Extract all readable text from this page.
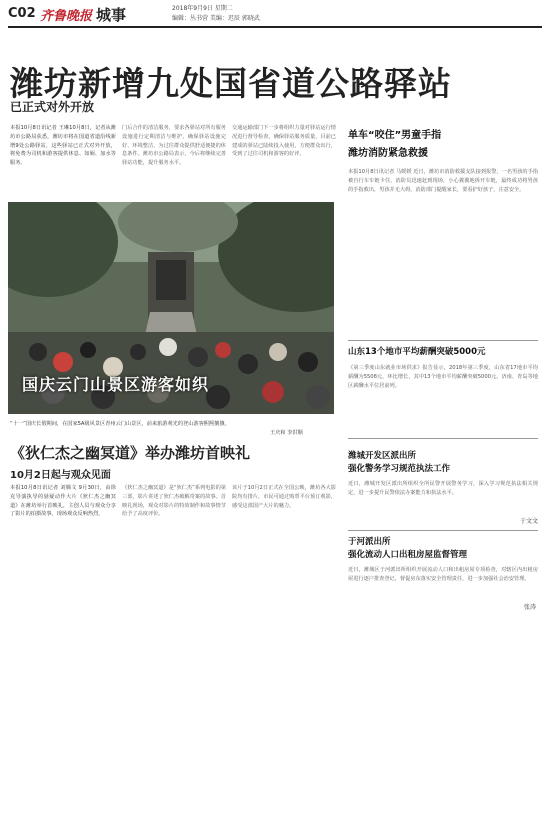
C02 齐鲁晚报 城事	2018年9月9日 星期二
编辑：丛书营 美编：迟辰 郭晓武
潍坊新增九处国省道公路驿站
已正式对外开放
本报10月8日讯记者 王琳10月8日，记者从潍坊市公路局获悉，潍坊市将在国道省道沿线新增9处公路驿站，这些驿站已正式对外开放，将免费为司机和游客提供休息、如厕、加水等服务。
门后合作的清洁服务，要求各驿站对所有服务设施进行定期清洁与维护，确保驿站设施完好、环境整洁，为过往群众提供舒适便捷的休息条件。潍坊市公路局表示，今后将继续完善驿站功能，提升服务水平。
交通运输部门下一步将组织力量对驿站运行情况进行督导检查，确保驿站服务质量，目前已建成的驿站已陆续投入使用，方便群众出行，受到了过往司机和游客的好评。
国庆云门山景区游客如织
“十一”国庆长假期间，在国家5A级风景区青州云门山景区，前来旅游观光的登山游客熙熙攘攘。
王庆和 李洪顺
《狄仁杰之幽冥道》举办潍坊首映礼
10月2日起与观众见面
本报10月8日讯记者 刘腾文 9月30日，由徐克导演执导的悬疑动作大片《狄仁杰之幽冥道》在潍坊举行首映礼，主创人员与观众分享了影片的拍摄故事，现场观众反响热烈。
《狄仁杰之幽冥道》是“狄仁杰”系列电影的第三部，影片讲述了狄仁杰破解奇案的故事。首映礼现场，观众对影片的特效制作和故事情节给予了高度评价。
该片于10月2日正式在全国公映，潍坊各大影院均有排片，市民可通过购票平台预订观影，感受这部国产大片的魅力。
单车“咬住”男童手指
潍坊消防紧急救援
本报10月8日讯记者 马媛媛 近日，潍坊市消防救援支队接到报警，一名男孩的手指被自行车车链卡住，消防员迅速赶到现场，小心翼翼地拆开车链，最终成功将男孩的手指救出，男孩并无大碍。消防部门提醒家长，要看护好孩子，注意安全。
山东13个地市平均薪酬突破5000元
《第三季度山东就业市场供求》报告显示，2018年第三季度，山东省17地市平均薪酬为5508元，环比增长，其中13个地市平均薪酬突破5000元。济南、青岛等地区薪酬水平位居前列。
潍城开发区派出所
强化警务学习规范执法工作
近日，潍城开发区派出所组织全所民警开展警务学习，深入学习规范执法相关规定，进一步提升民警依法办案能力和执法水平。
于文文
于河派出所
强化流动人口出租房屋监督管理
近日，潍城区于河派出所组织开展流动人口和出租房屋专项检查，对辖区内出租房屋进行逐户排查登记，督促房东落实安全管理责任，进一步加强社会治安管理。
张涛
